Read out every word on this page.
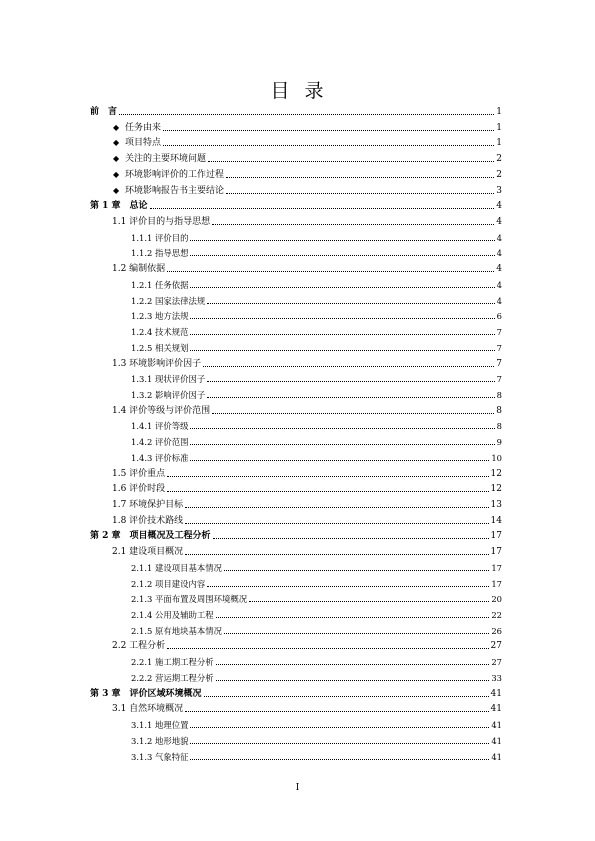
目 录
前　言	1
◆ 任务由来	1
◆ 项目特点	1
◆ 关注的主要环境问题	2
◆ 环境影响评价的工作过程	2
◆ 环境影响报告书主要结论	3
第 1 章　总论	4
1.1 评价目的与指导思想	4
1.1.1 评价目的	4
1.1.2 指导思想	4
1.2 编制依据	4
1.2.1 任务依据	4
1.2.2 国家法律法规	4
1.2.3 地方法规	6
1.2.4 技术规范	7
1.2.5 相关规划	7
1.3 环境影响评价因子	7
1.3.1 现状评价因子	7
1.3.2 影响评价因子	8
1.4 评价等级与评价范围	8
1.4.1 评价等级	8
1.4.2 评价范围	9
1.4.3 评价标准	10
1.5 评价重点	12
1.6 评价时段	12
1.7 环境保护目标	13
1.8 评价技术路线	14
第 2 章　项目概况及工程分析	17
2.1 建设项目概况	17
2.1.1 建设项目基本情况	17
2.1.2 项目建设内容	17
2.1.3 平面布置及周围环境概况	20
2.1.4 公用及辅助工程	22
2.1.5 原有地块基本情况	26
2.2 工程分析	27
2.2.1 施工期工程分析	27
2.2.2 营运期工程分析	33
第 3 章　评价区域环境概况	41
3.1 自然环境概况	41
3.1.1 地理位置	41
3.1.2 地形地貌	41
3.1.3 气象特征	41
I
